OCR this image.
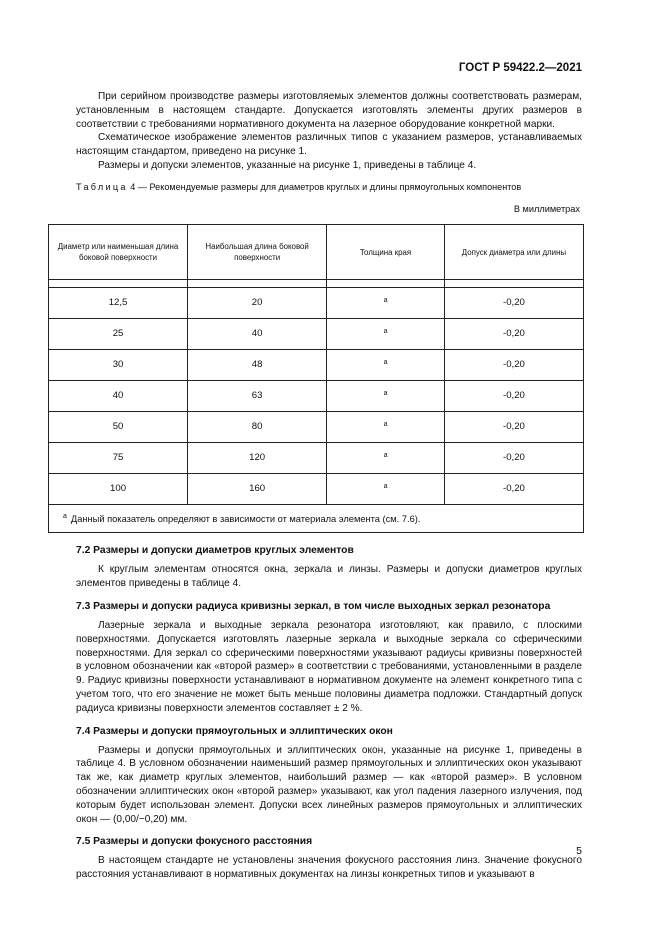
ГОСТ Р 59422.2—2021

При серийном производстве размеры изготовляемых элементов должны соответствовать размерам, установленным в настоящем стандарте. Допускается изготовлять элементы других размеров в соответствии с требованиями нормативного документа на лазерное оборудование конкретной марки.

Схематическое изображение элементов различных типов с указанием размеров, устанавливаемых настоящим стандартом, приведено на рисунке 1.

Размеры и допуски элементов, указанные на рисунке 1, приведены в таблице 4.

Таблица 4 — Рекомендуемые размеры для диаметров круглых и длины прямоугольных компонентов

В миллиметрах
Диаметр или наименьшая длина боковой поверхности	Наибольшая длина боковой поверхности	Толщина края	Допуск диаметра или длины

12,5	20	a	-0,20
25	40	a	-0,20
30	48	a	-0,20
40	63	a	-0,20
50	80	a	-0,20
75	120	a	-0,20
100	160	a	-0,20
$^a$ Данный показатель определяют в зависимости от материала элемента (см. 7.6).			

7.2 Размеры и допуски диаметров круглых элементов

К круглым элементам относятся окна, зеркала и линзы. Размеры и допуски диаметров круглых элементов приведены в таблице 4.

7.3 Размеры и допуски радиуса кривизны зеркал, в том числе выходных зеркал резонатора

Лазерные зеркала и выходные зеркала резонатора изготовляют, как правило, с плоскими поверхностями. Допускается изготовлять лазерные зеркала и выходные зеркала со сферическими поверхностями. Для зеркал со сферическими поверхностями указывают радиусы кривизны поверхностей в условном обозначении как «второй размер» в соответствии с требованиями, установленными в разделе 9. Радиус кривизны поверхности устанавливают в нормативном документе на элемент конкретного типа с учетом того, что его значение не может быть меньше половины диаметра подложки. Стандартный допуск радиуса кривизны поверхности элементов составляет ± 2 %.

7.4 Размеры и допуски прямоугольных и эллиптических окон

Размеры и допуски прямоугольных и эллиптических окон, указанные на рисунке 1, приведены в таблице 4. В условном обозначении наименьший размер прямоугольных и эллиптических окон указывают так же, как диаметр круглых элементов, наибольший размер — как «второй размер». В условном обозначении эллиптических окон «второй размер» указывают, как угол падения лазерного излучения, под которым будет использован элемент. Допуски всех линейных размеров прямоугольных и эллиптических окон — (0,00/−0,20) мм.

7.5 Размеры и допуски фокусного расстояния

В настоящем стандарте не установлены значения фокусного расстояния линз. Значение фокусного расстояния устанавливают в нормативных документах на линзы конкретных типов и указывают в

5
